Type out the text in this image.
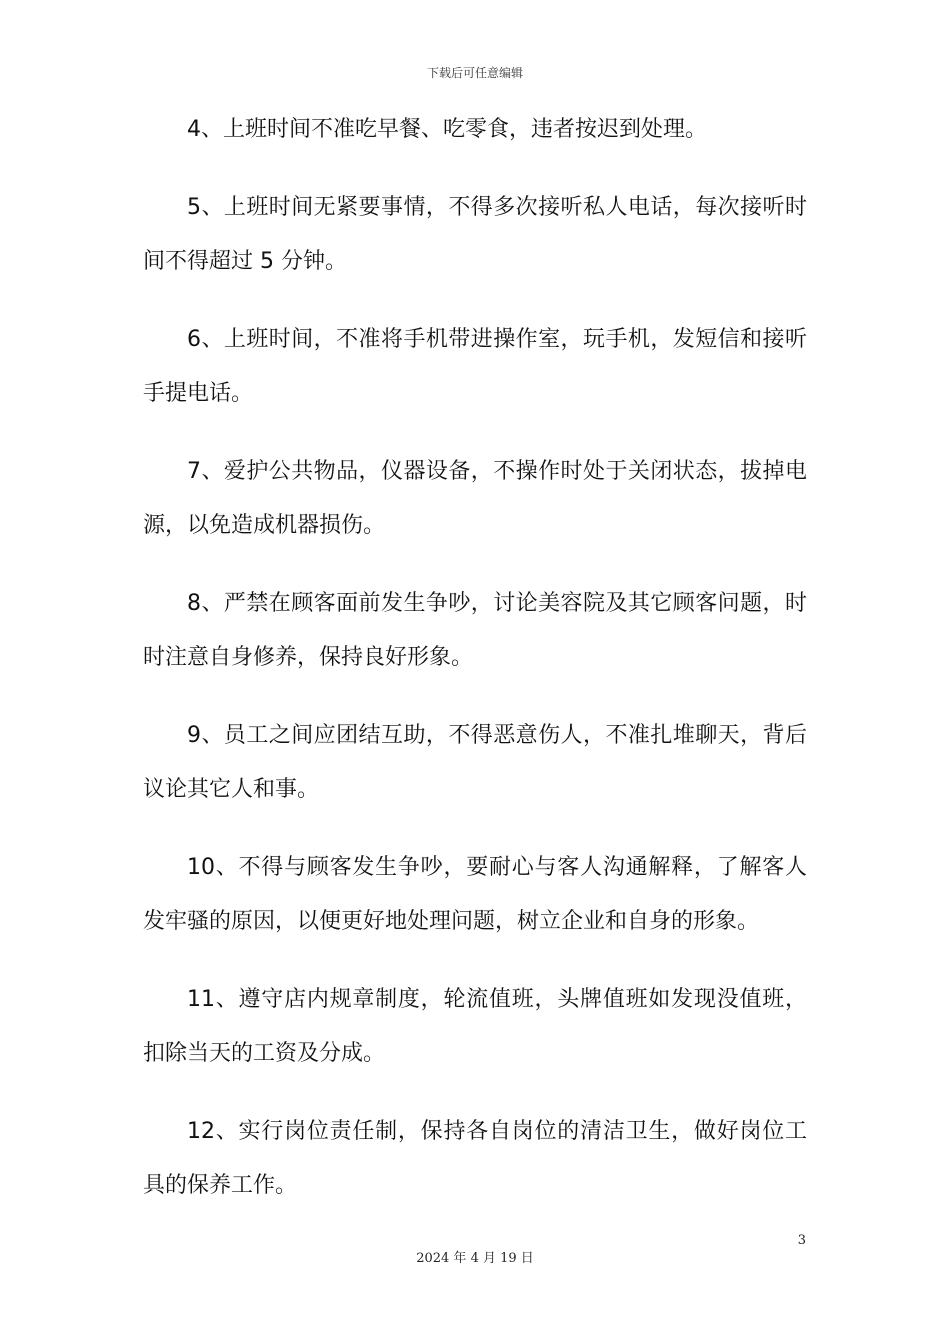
下载后可任意编辑

4、上班时间不准吃早餐、吃零食，违者按迟到处理。

5、上班时间无紧要事情，不得多次接听私人电话，每次接听时间不得超过 5 分钟。

6、上班时间，不准将手机带进操作室，玩手机，发短信和接听手提电话。

7、爱护公共物品，仪器设备，不操作时处于关闭状态，拔掉电源，以免造成机器损伤。

8、严禁在顾客面前发生争吵，讨论美容院及其它顾客问题，时时注意自身修养，保持良好形象。

9、员工之间应团结互助，不得恶意伤人，不准扎堆聊天，背后议论其它人和事。

10、不得与顾客发生争吵，要耐心与客人沟通解释，了解客人发牢骚的原因，以便更好地处理问题，树立企业和自身的形象。

11、遵守店内规章制度，轮流值班，头牌值班如发现没值班，扣除当天的工资及分成。

12、实行岗位责任制，保持各自岗位的清洁卫生，做好岗位工具的保养工作。

3
2024 年 4 月 19 日
